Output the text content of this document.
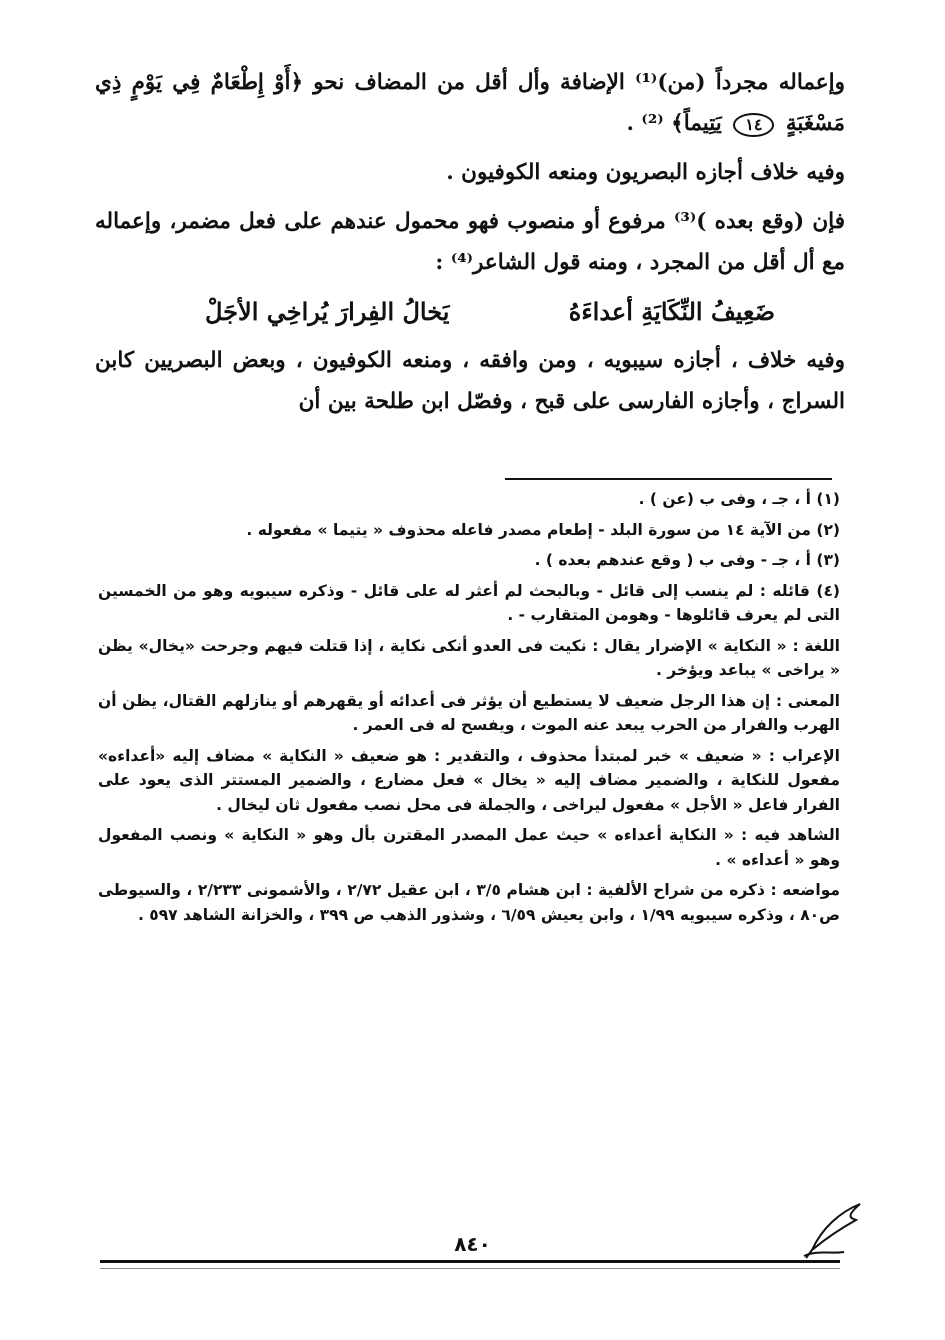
وإعماله مجرداً (من)⁽¹⁾ الإضافة وأل أقل من المضاف نحو ﴿أَوْ إِطْعَامٌ فِي يَوْمٍ ذِي مَسْغَبَةٍ ١٤ يَتِيماً﴾ ⁽²⁾ .

وفيه خلاف أجازه البصريون ومنعه الكوفيون .

فإن (وقع بعده )⁽³⁾ مرفوع أو منصوب فهو محمول عندهم على فعل مضمر، وإعماله مع أل أقل من المجرد ، ومنه قول الشاعر⁽⁴⁾ :

ضَعِيفُ النِّكَايَةِ أعداءَهُ
يَخالُ الفِرارَ يُراخِي الأجَلْ

وفيه خلاف ، أجازه سيبويه ، ومن وافقه ، ومنعه الكوفيون ، وبعض البصريين كابن السراج ، وأجازه الفارسى على قبح ، وفصّل ابن طلحة بين أن

(١) أ ، جـ ، وفى ب (عن ) .
(٢) من الآية ١٤ من سورة البلد - إطعام مصدر فاعله محذوف « يتيما » مفعوله .
(٣) أ ، جـ - وفى ب ( وقع عندهم بعده ) .
(٤) قائله : لم ينسب إلى قائل - وبالبحث لم أعثر له على قائل - وذكره سيبويه وهو من الخمسين التى لم يعرف قائلوها - وهومن المتقارب - .
اللغة : « النكاية » الإضرار يقال : نكيت فى العدو أنكى نكاية ، إذا قتلت فيهم وجرحت «يخال» يظن « يراخى » يباعد ويؤخر .
المعنى : إن هذا الرجل ضعيف لا يستطيع أن يؤثر فى أعدائه أو يقهرهم أو ينازلهم القتال، يظن أن الهرب والفرار من الحرب يبعد عنه الموت ، ويفسح له فى العمر .
الإعراب : « ضعيف » خبر لمبتدأ محذوف ، والتقدير : هو ضعيف « النكاية » مضاف إليه «أعداءه» مفعول للنكاية ، والضمير مضاف إليه « يخال » فعل مضارع ، والضمير المستتر الذى يعود على الفرار فاعل « الأجل » مفعول ليراخى ، والجملة فى محل نصب مفعول ثان ليخال .
الشاهد فيه : « النكاية أعداءه » حيث عمل المصدر المقترن بأل وهو « النكاية » ونصب المفعول وهو « أعداءه » .
مواضعه : ذكره من شراح الألفية : ابن هشام ٣/٥ ، ابن عقيل ٢/٧٢ ، والأشمونى ٢/٢٣٣ ، والسيوطى ص٨٠ ، وذكره سيبويه ١/٩٩ ، وابن يعيش ٦/٥٩ ، وشذور الذهب ص ٣٩٩ ، والخزانة الشاهد ٥٩٧ .
٨٤٠
